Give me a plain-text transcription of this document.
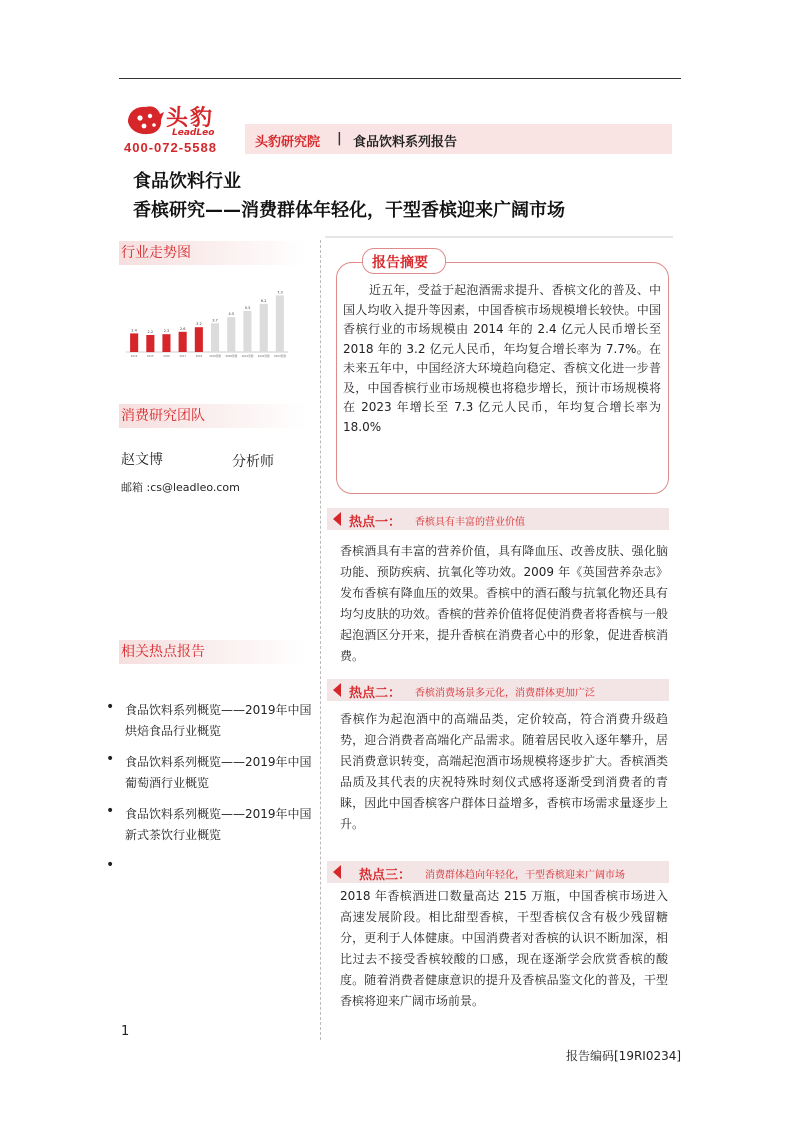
头豹
LeadLeo
400-072-5588	头豹研究院 | 食品饮料系列报告
食品饮料行业
香槟研究——消费群体年轻化，干型香槟迎来广阔市场
行业走势图
2.4
2014
2.2
2015
2.3
2016
2.6
2017
3.2
2018
3.7
2019预测
4.5
2020预测
5.3
2021预测
6.2
2022预测
7.3
2023预测
消费研究团队
赵文博	分析师
邮箱 :cs@leadleo.com
相关热点报告
• 食品饮料系列概览——2019年中国烘焙食品行业概览
• 食品饮料系列概览——2019年中国葡萄酒行业概览
• 食品饮料系列概览——2019年中国新式茶饮行业概览
•
报告摘要
近五年，受益于起泡酒需求提升、香槟文化的普及、中国人均收入提升等因素，中国香槟市场规模增长较快。中国香槟行业的市场规模由 2014 年的 2.4 亿元人民币增长至 2018 年的 3.2 亿元人民币，年均复合增长率为 7.7%。在未来五年中，中国经济大环境趋向稳定、香槟文化进一步普及，中国香槟行业市场规模也将稳步增长，预计市场规模将在 2023 年增长至 7.3 亿元人民币，年均复合增长率为 18.0%
热点一： 香槟具有丰富的营业价值
香槟酒具有丰富的营养价值，具有降血压、改善皮肤、强化脑功能、预防疾病、抗氧化等功效。2009 年《英国营养杂志》发布香槟有降血压的效果。香槟中的酒石酸与抗氧化物还具有均匀皮肤的功效。香槟的营养价值将促使消费者将香槟与一般起泡酒区分开来，提升香槟在消费者心中的形象，促进香槟消费。
热点二： 香槟消费场景多元化，消费群体更加广泛
香槟作为起泡酒中的高端品类，定价较高，符合消费升级趋势，迎合消费者高端化产品需求。随着居民收入逐年攀升，居民消费意识转变，高端起泡酒市场规模将逐步扩大。香槟酒类品质及其代表的庆祝特殊时刻仪式感将逐渐受到消费者的青睐，因此中国香槟客户群体日益增多，香槟市场需求量逐步上升。
热点三： 消费群体趋向年轻化，干型香槟迎来广阔市场
2018 年香槟酒进口数量高达 215 万瓶，中国香槟市场进入高速发展阶段。相比甜型香槟，干型香槟仅含有极少残留糖分，更利于人体健康。中国消费者对香槟的认识不断加深，相比过去不接受香槟较酸的口感，现在逐渐学会欣赏香槟的酸度。随着消费者健康意识的提升及香槟品鉴文化的普及，干型香槟将迎来广阔市场前景。
1
报告编码[19RI0234]
